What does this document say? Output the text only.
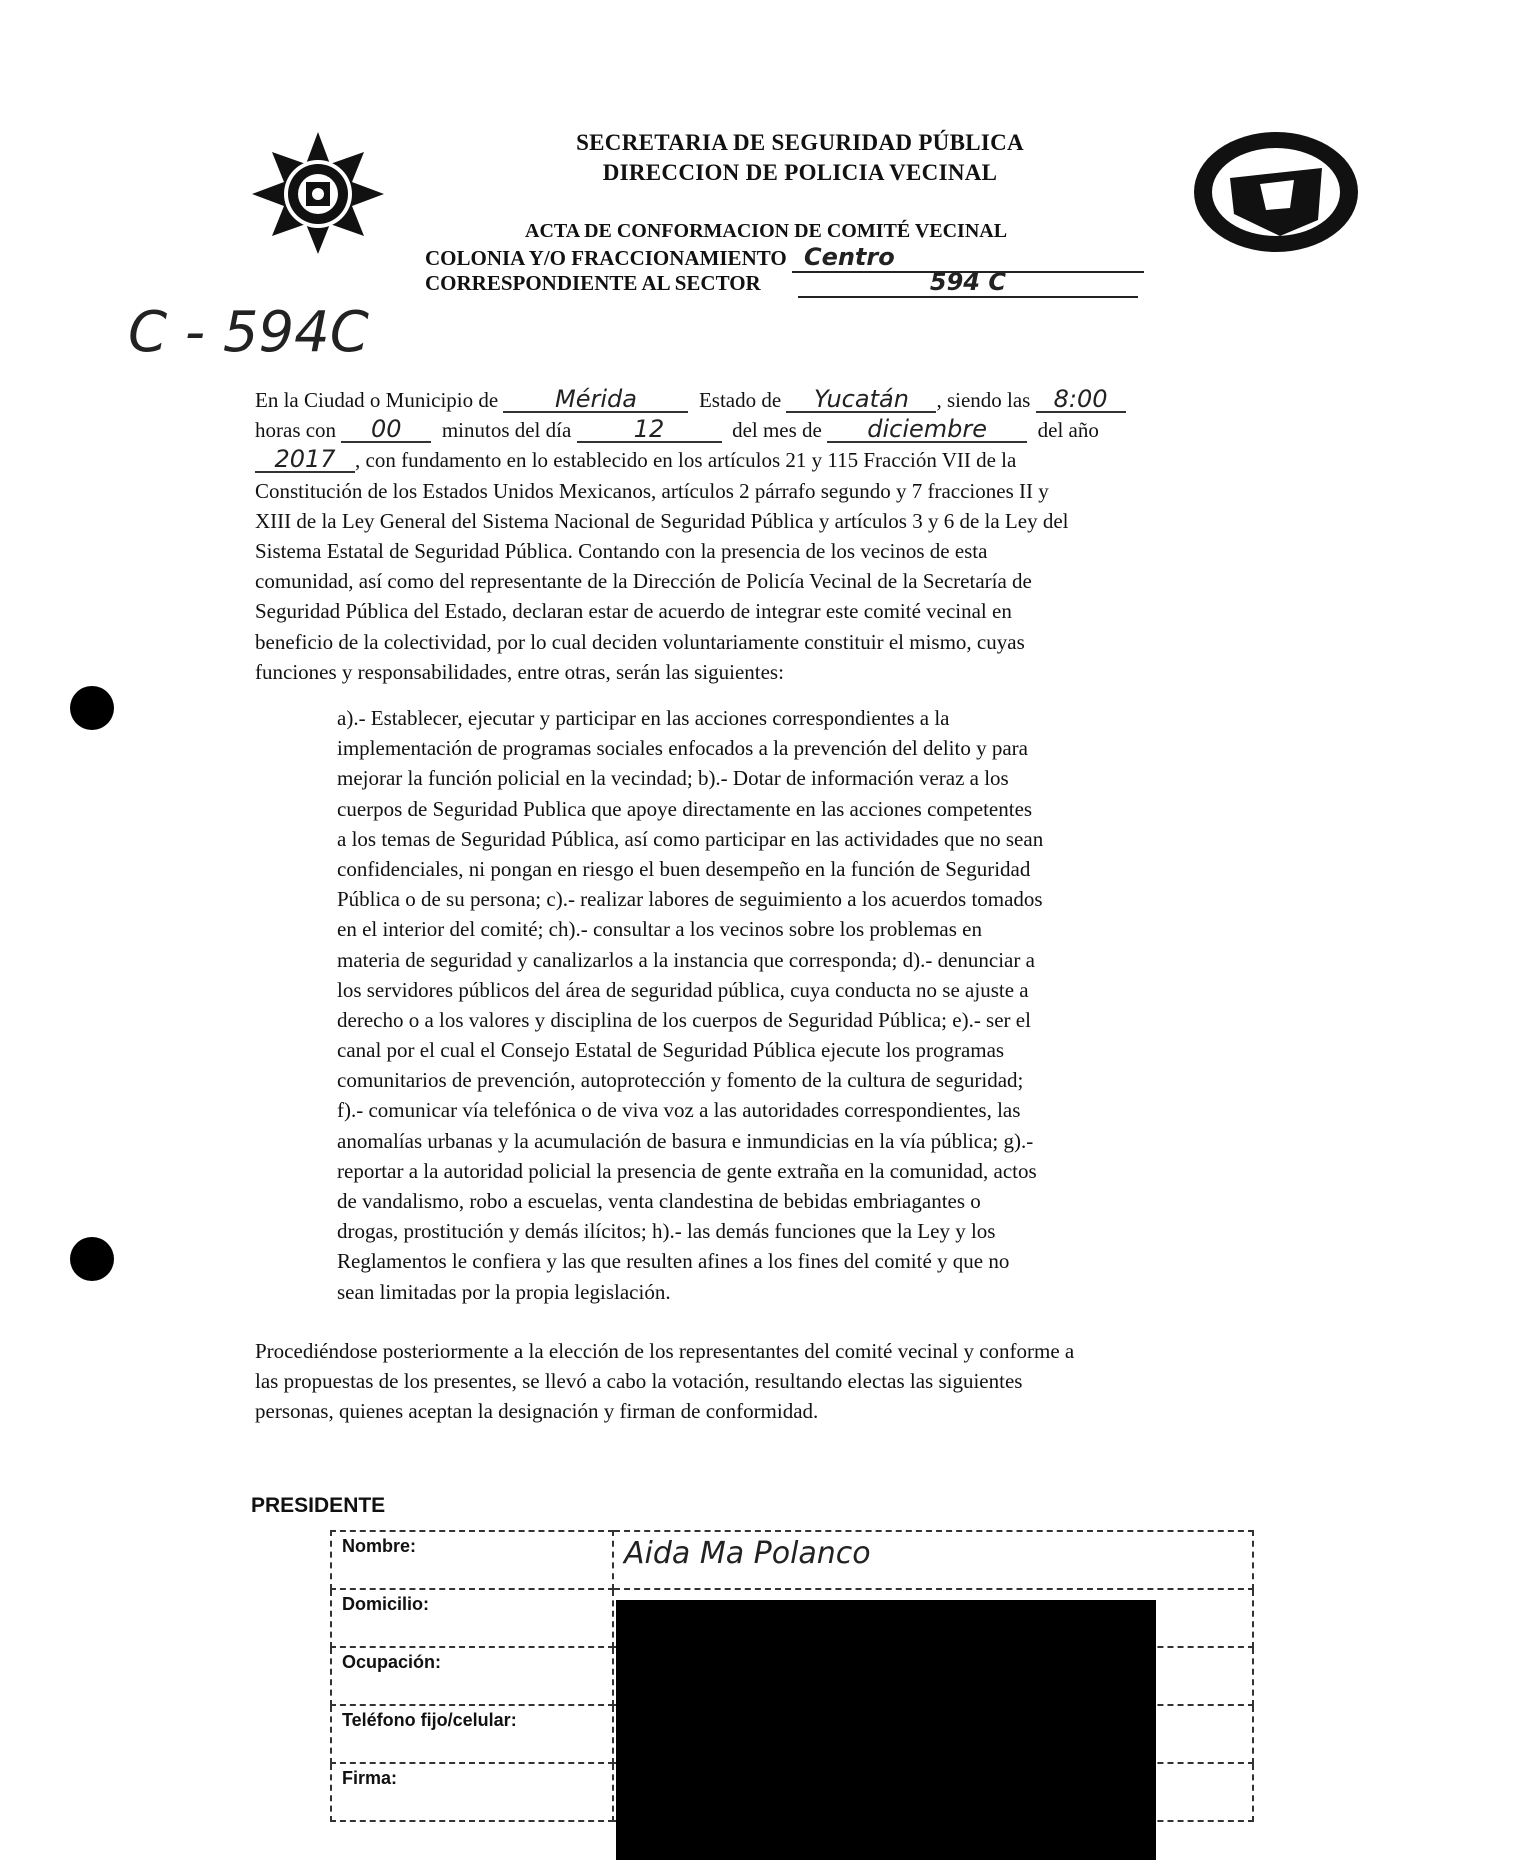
SECRETARIA DE SEGURIDAD PÚBLICA
DIRECCION DE POLICIA VECINAL
ACTA DE CONFORMACION DE COMITÉ VECINAL
COLONIA Y/O FRACCIONAMIENTO Centro
CORRESPONDIENTE AL SECTOR	594 C
C - 594C
En la Ciudad o Municipio de Mérida	Estado de Yucatán , siendo las 8:00
horas con 00 minutos del día	12	del mes de diciembre del año
2017 , con fundamento en lo establecido en los artículos 21 y 115 Fracción VII de la
Constitución de los Estados Unidos Mexicanos, artículos 2 párrafo segundo y 7 fracciones II y
XIII de la Ley General del Sistema Nacional de Seguridad Pública y artículos 3 y 6 de la Ley del
Sistema Estatal de Seguridad Pública. Contando con la presencia de los vecinos de esta
comunidad, así como del representante de la Dirección de Policía Vecinal de la Secretaría de
Seguridad Pública del Estado, declaran estar de acuerdo de integrar este comité vecinal en
beneficio de la colectividad, por lo cual deciden voluntariamente constituir el mismo, cuyas
funciones y responsabilidades, entre otras, serán las siguientes:
a).- Establecer, ejecutar y participar en las acciones correspondientes a la
implementación de programas sociales enfocados a la prevención del delito y para
mejorar la función policial en la vecindad; b).- Dotar de información veraz a los
cuerpos de Seguridad Publica que apoye directamente en las acciones competentes
a los temas de Seguridad Pública, así como participar en las actividades que no sean
confidenciales, ni pongan en riesgo el buen desempeño en la función de Seguridad
Pública o de su persona; c).- realizar labores de seguimiento a los acuerdos tomados
en el interior del comité; ch).- consultar a los vecinos sobre los problemas en
materia de seguridad y canalizarlos a la instancia que corresponda; d).- denunciar a
los servidores públicos del área de seguridad pública, cuya conducta no se ajuste a
derecho o a los valores y disciplina de los cuerpos de Seguridad Pública; e).- ser el
canal por el cual el Consejo Estatal de Seguridad Pública ejecute los programas
comunitarios de prevención, autoprotección y fomento de la cultura de seguridad;
f).- comunicar vía telefónica o de viva voz a las autoridades correspondientes, las
anomalías urbanas y la acumulación de basura e inmundicias en la vía pública; g).-
reportar a la autoridad policial la presencia de gente extraña en la comunidad, actos
de vandalismo, robo a escuelas, venta clandestina de bebidas embriagantes o
drogas, prostitución y demás ilícitos; h).- las demás funciones que la Ley y los
Reglamentos le confiera y las que resulten afines a los fines del comité y que no
sean limitadas por la propia legislación.
Procediéndose posteriormente a la elección de los representantes del comité vecinal y conforme a
las propuestas de los presentes, se llevó a cabo la votación, resultando electas las siguientes
personas, quienes aceptan la designación y firman de conformidad.
PRESIDENTE
Nombre:	Aida Ma Polanco
Domicilio:	
Ocupación:	
Teléfono fijo/celular:	
Firma:	
